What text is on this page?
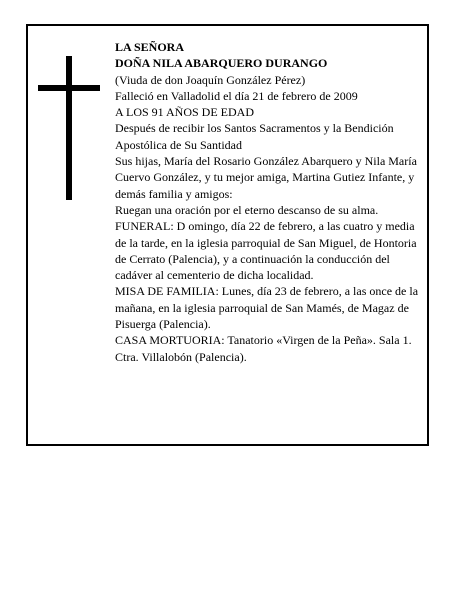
LA SEÑORA

DOÑA NILA ABARQUERO DURANGO

(Viuda de don Joaquín González Pérez)

Falleció en Valladolid el día 21 de febrero de 2009

A LOS 91 AÑOS DE EDAD

Después de recibir los Santos Sacramentos y la Bendición Apostólica de Su Santidad

Sus hijas, María del Rosario González Abarquero y Nila María Cuervo González, y tu mejor amiga, Martina Gutiez Infante, y demás familia y amigos:

Ruegan una oración por el eterno descanso de su alma.

FUNERAL: D omingo, día 22 de febrero, a las cuatro y media de la tarde, en la iglesia parroquial de San Miguel, de Hontoria de Cerrato (Palencia), y a continuación la conducción del cadáver al cementerio de dicha localidad.

MISA DE FAMILIA: Lunes, día 23 de febrero, a las once de la mañana, en la iglesia parroquial de San Mamés, de Magaz de Pisuerga (Palencia).

CASA MORTUORIA: Tanatorio «Virgen de la Peña». Sala 1. Ctra. Villalobón (Palencia).
